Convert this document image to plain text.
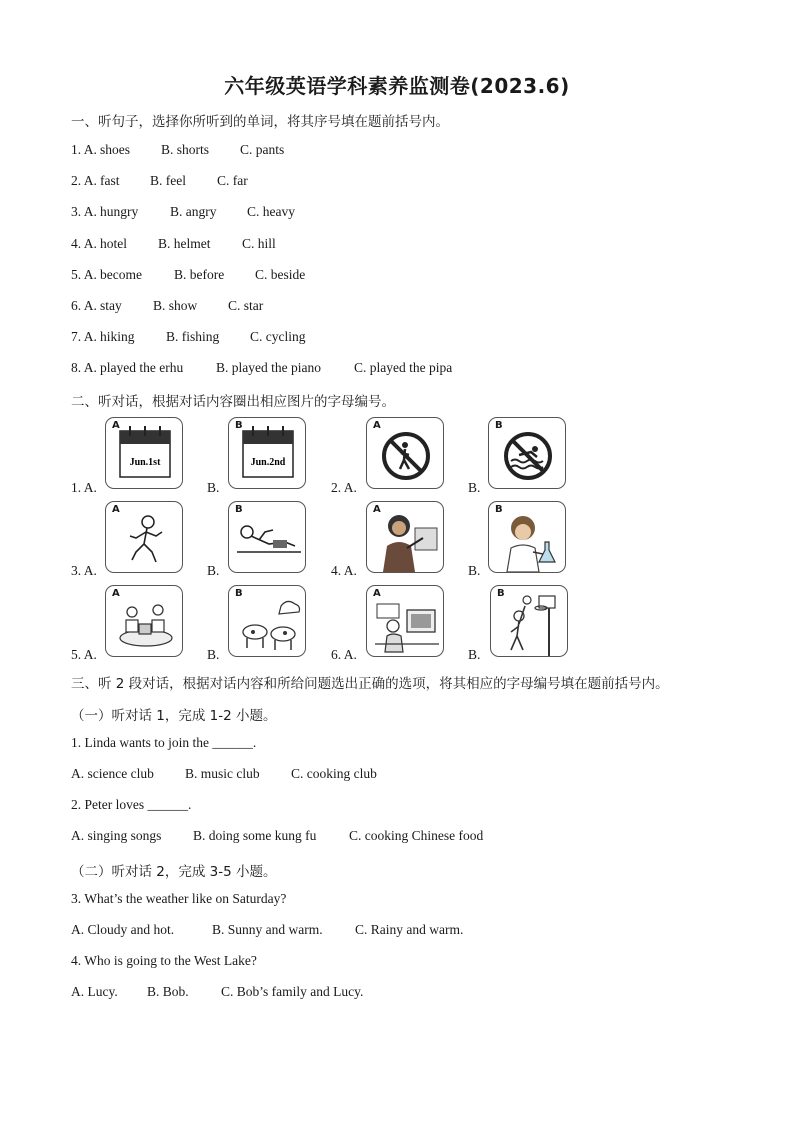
六年级英语学科素养监测卷(2023.6)
一、听句子，选择你所听到的单词，将其序号填在题前括号内。
1. A. shoes B. shorts C. pants
2. A. fast B. feel C. far
3. A. hungry B. angry C. heavy
4. A. hotel B. helmet C. hill
5. A. become B. before C. beside
6. A. stay B. show C. star
7. A. hiking B. fishing C. cycling
8. A. played the erhu B. played the piano C. played the pipa
二、听对话，根据对话内容圈出相应图片的字母编号。
1. A.
A
Jun.1st
B.
B
Jun.2nd
2. A.
A
B.
B
3. A.
A
B.
B
4. A.
A
B.
B
5. A.
A
B.
B
6. A.
A
B.
B
三、听 2 段对话，根据对话内容和所给问题选出正确的选项，将其相应的字母编号填在题前括号内。
（一）听对话 1，完成 1-2 小题。
1. Linda wants to join the ______.
A. science club B. music club C. cooking club
2. Peter loves ______.
A. singing songs B. doing some kung fu C. cooking Chinese food
（二）听对话 2，完成 3-5 小题。
3. What’s the weather like on Saturday?
A. Cloudy and hot.	B. Sunny and warm. C. Rainy and warm.
4. Who is going to the West Lake?
A. Lucy. B. Bob. C. Bob’s family and Lucy.
